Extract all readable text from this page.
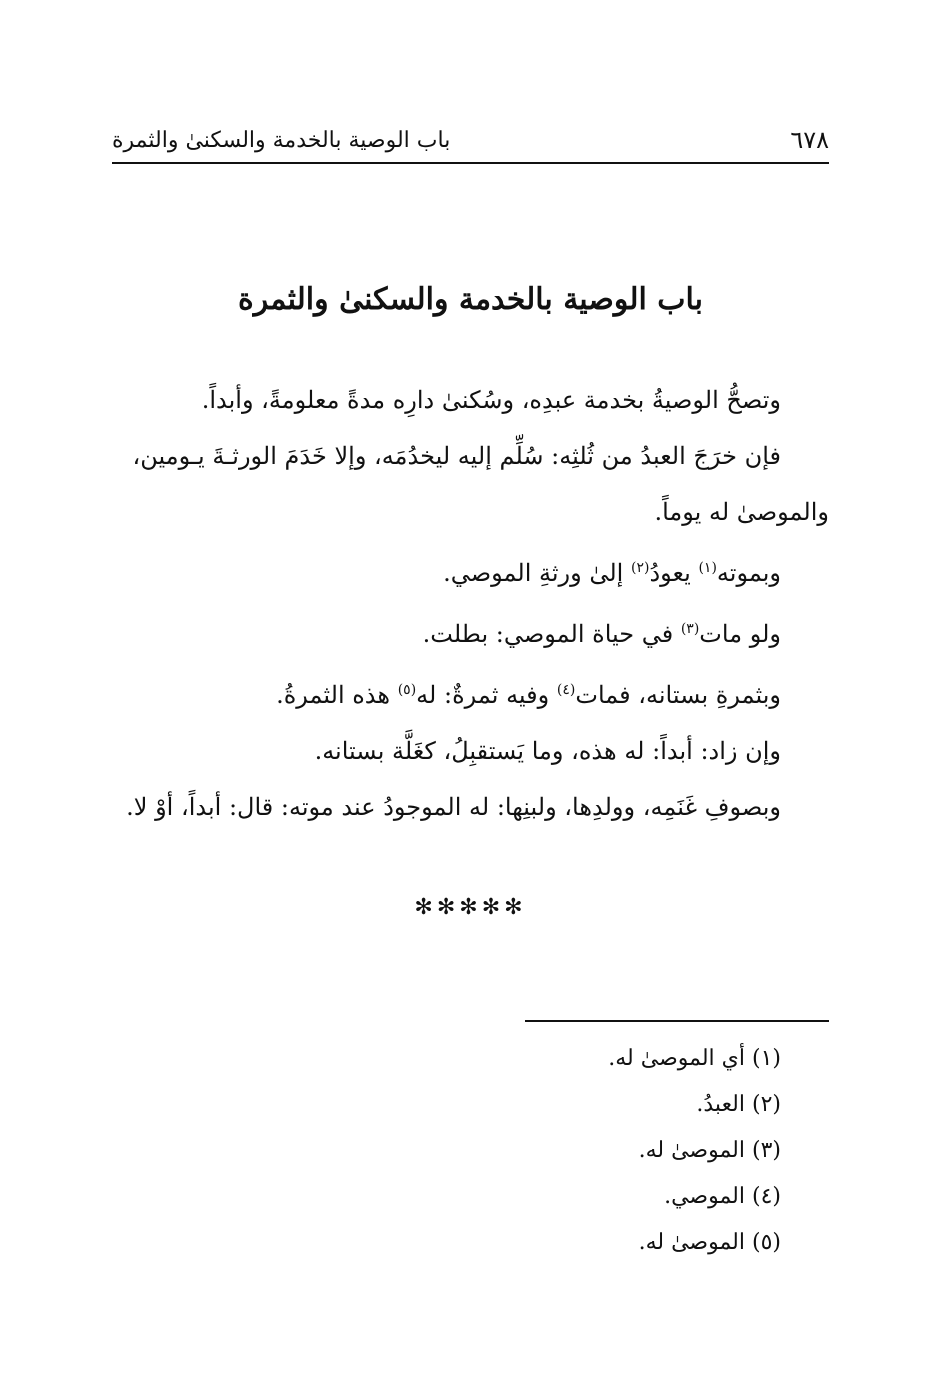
٦٧٨
باب الوصية بالخدمة والسكنىٰ والثمرة
باب الوصية بالخدمة والسكنىٰ والثمرة

وتصحُّ الوصيةُ بخدمة عبدِه، وسُكنىٰ دارِه مدةً معلومةً، وأبداً.

فإن خرَجَ العبدُ من ثُلثِه: سُلِّم إليه ليخدُمَه، وإلا خَدَمَ الورثـةَ يـومين، والموصىٰ له يوماً.

وبموته$^{(١)}$ يعودُ$^{(٢)}$ إلىٰ ورثةِ الموصي.

ولو مات$^{(٣)}$ في حياة الموصي: بطلت.

وبثمرةِ بستانه، فمات$^{(٤)}$ وفيه ثمرةٌ: له$^{(٥)}$ هذه الثمرةُ.

وإن زاد: أبداً: له هذه، وما يَستقبِلُ، كغَلَّة بستانه.

وبصوفِ غَنَمِه، وولدِها، ولبنِها: له الموجودُ عند موته: قال: أبداً، أوْ لا.

✻✻✻✻✻
(١) أي الموصىٰ له.
(٢) العبدُ.
(٣) الموصىٰ له.
(٤) الموصي.
(٥) الموصىٰ له.
